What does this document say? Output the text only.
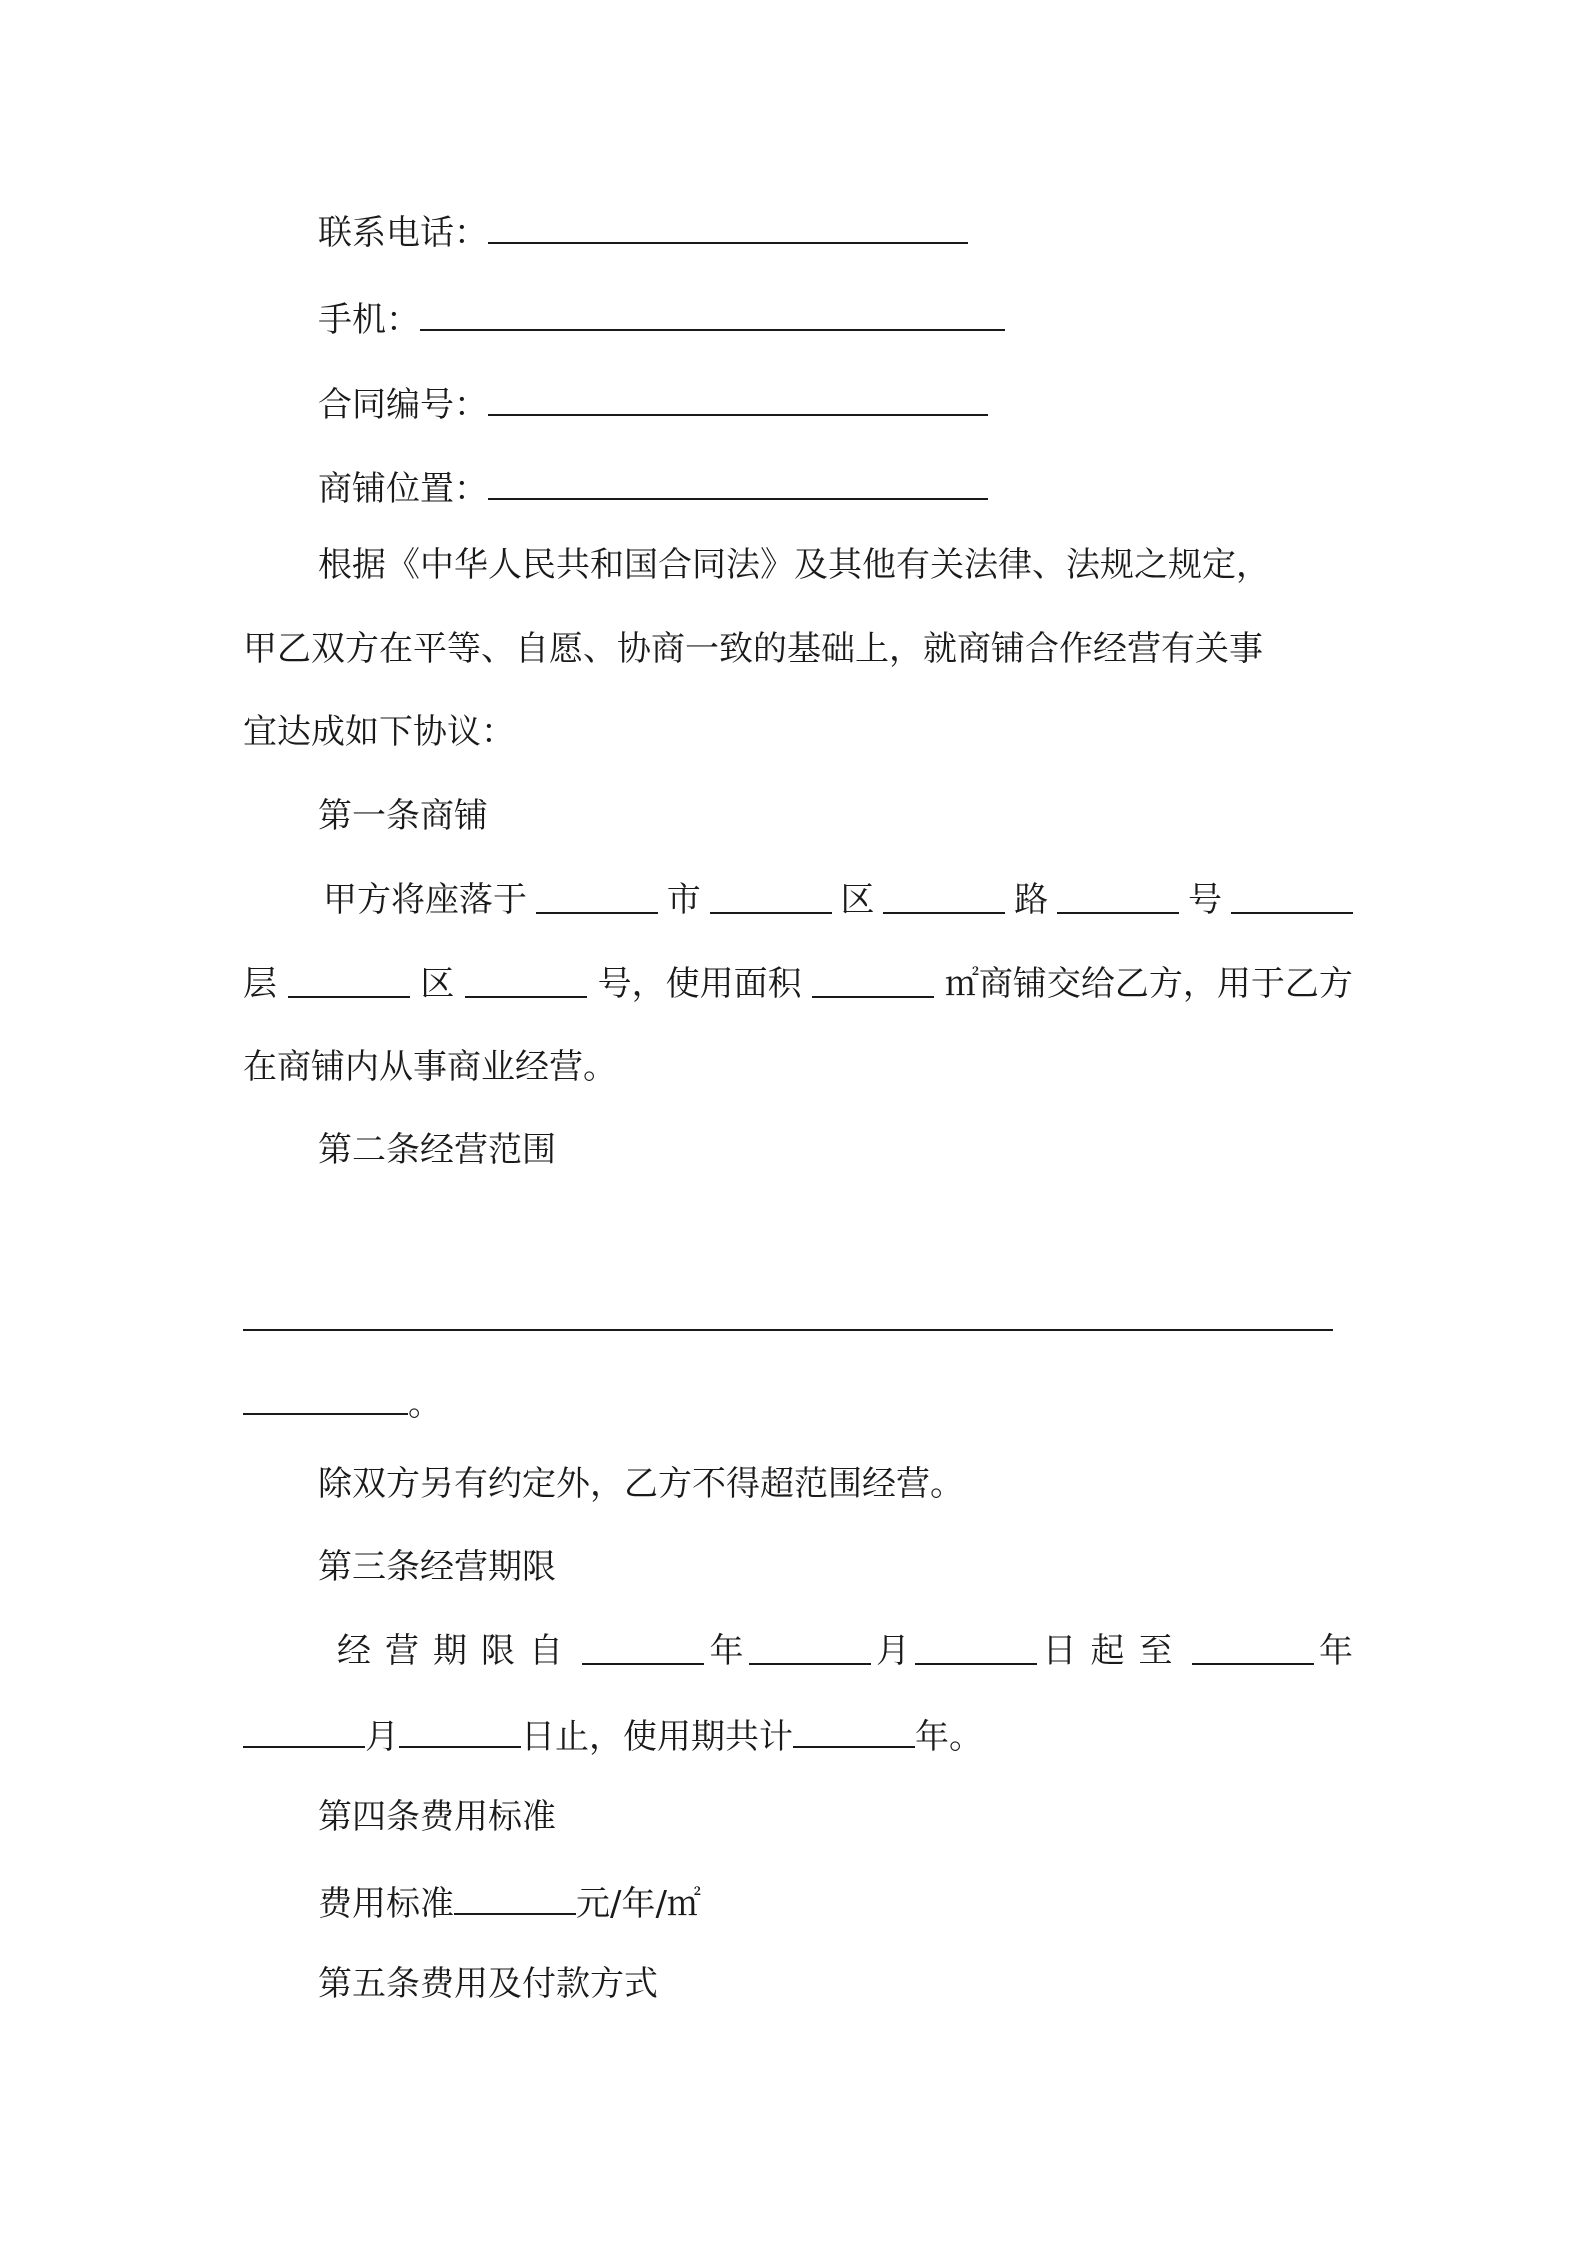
联系电话：
手机：
合同编号：
商铺位置：
根据《中华人民共和国合同法》及其他有关法律、法规之规定，
甲乙双方在平等、自愿、协商一致的基础上，就商铺合作经营有关事
宜达成如下协议：
第一条商铺
甲方将座落于	市	区	路	号
层	区	号，使用面积	㎡商铺交给乙方，用于乙方
在商铺内从事商业经营。
第二条经营范围
。
除双方另有约定外，乙方不得超范围经营。
第三条经营期限
经营期限自	年	月	日起至	年
月	日止，使用期共计	年。
第四条费用标准
费用标准	元/年/㎡
第五条费用及付款方式
